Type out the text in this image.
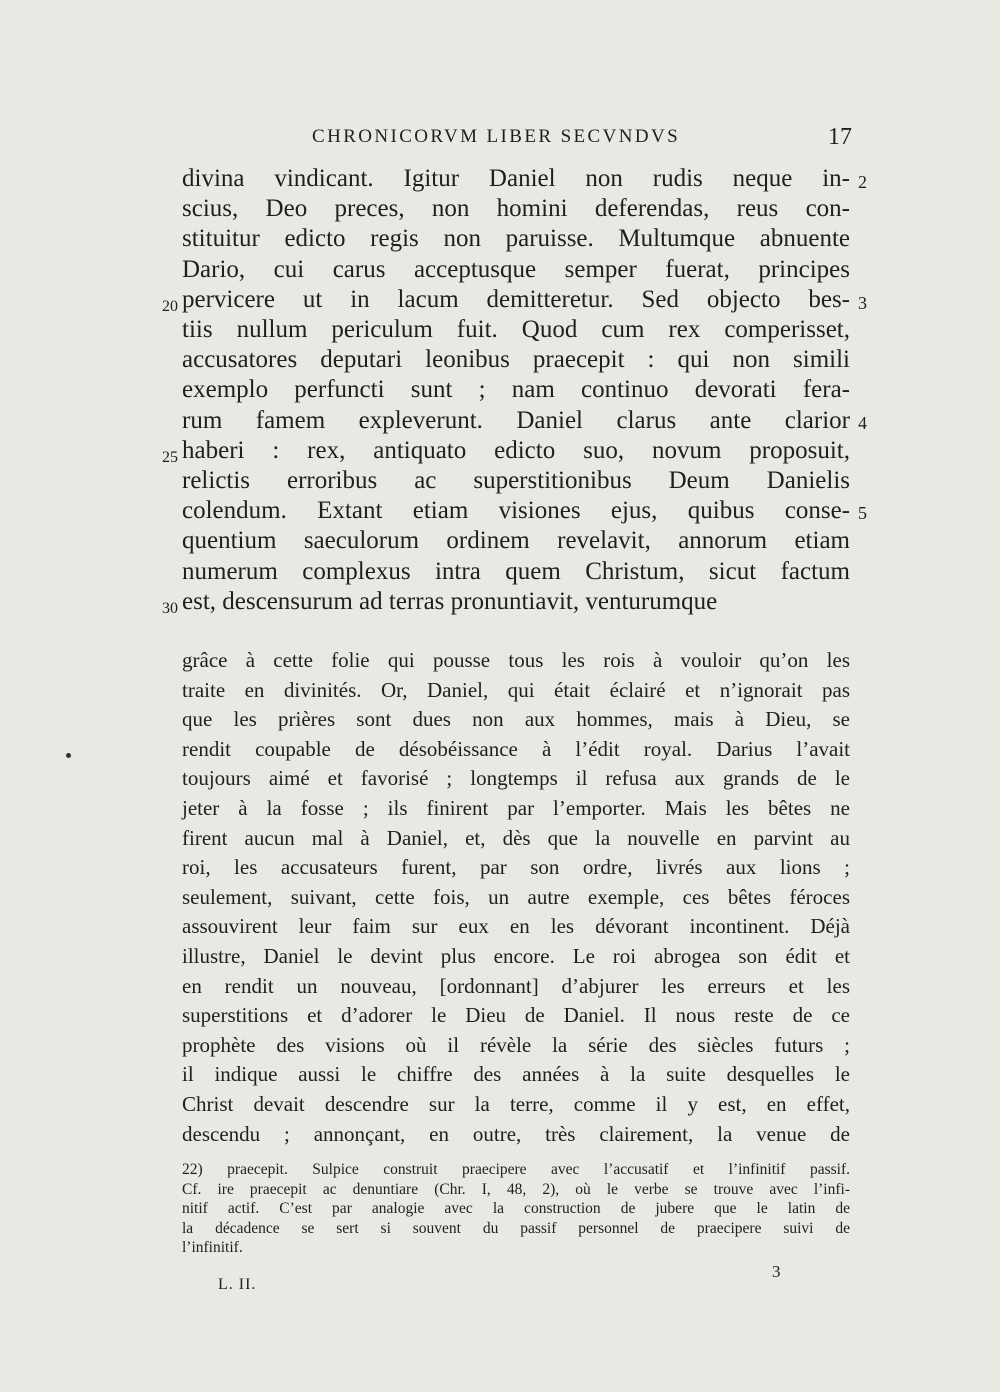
CHRONICORVM LIBER SECVNDVS	17
divina vindicant. Igitur Daniel non rudis neque in-
scius, Deo preces, non homini deferendas, reus con-
stituitur edicto regis non paruisse. Multumque abnuente
Dario, cui carus acceptusque semper fuerat, principes
pervicere ut in lacum demitteretur. Sed objecto bes-
tiis nullum periculum fuit. Quod cum rex comperisset,
accusatores deputari leonibus praecepit : qui non simili
exemplo perfuncti sunt ; nam continuo devorati fera-
rum famem expleverunt. Daniel clarus ante clarior
haberi : rex, antiquato edicto suo, novum proposuit,
relictis erroribus ac superstitionibus Deum Danielis
colendum. Extant etiam visiones ejus, quibus conse-
quentium saeculorum ordinem revelavit, annorum etiam
numerum complexus intra quem Christum, sicut factum
est, descensurum ad terras pronuntiavit, venturumque
20
25
30
2
3
4
5
grâce à cette folie qui pousse tous les rois à vouloir qu’on les
traite en divinités. Or, Daniel, qui était éclairé et n’ignorait pas
que les prières sont dues non aux hommes, mais à Dieu, se
rendit coupable de désobéissance à l’édit royal. Darius l’avait
toujours aimé et favorisé ; longtemps il refusa aux grands de le
jeter à la fosse ; ils finirent par l’emporter. Mais les bêtes ne
firent aucun mal à Daniel, et, dès que la nouvelle en parvint au
roi, les accusateurs furent, par son ordre, livrés aux lions ;
seulement, suivant, cette fois, un autre exemple, ces bêtes féroces
assouvirent leur faim sur eux en les dévorant incontinent. Déjà
illustre, Daniel le devint plus encore. Le roi abrogea son édit et
en rendit un nouveau, [ordonnant] d’abjurer les erreurs et les
superstitions et d’adorer le Dieu de Daniel. Il nous reste de ce
prophète des visions où il révèle la série des siècles futurs ;
il indique aussi le chiffre des années à la suite desquelles le
Christ devait descendre sur la terre, comme il y est, en effet,
descendu ; annonçant, en outre, très clairement, la venue de
22) praecepit. Sulpice construit praecipere avec l’accusatif et l’infinitif passif.
Cf. ire praecepit ac denuntiare (Chr. I, 48, 2), où le verbe se trouve avec l’infi-
nitif actif. C’est par analogie avec la construction de jubere que le latin de
la décadence se sert si souvent du passif personnel de praecipere suivi de
l’infinitif.
L. II.
3
